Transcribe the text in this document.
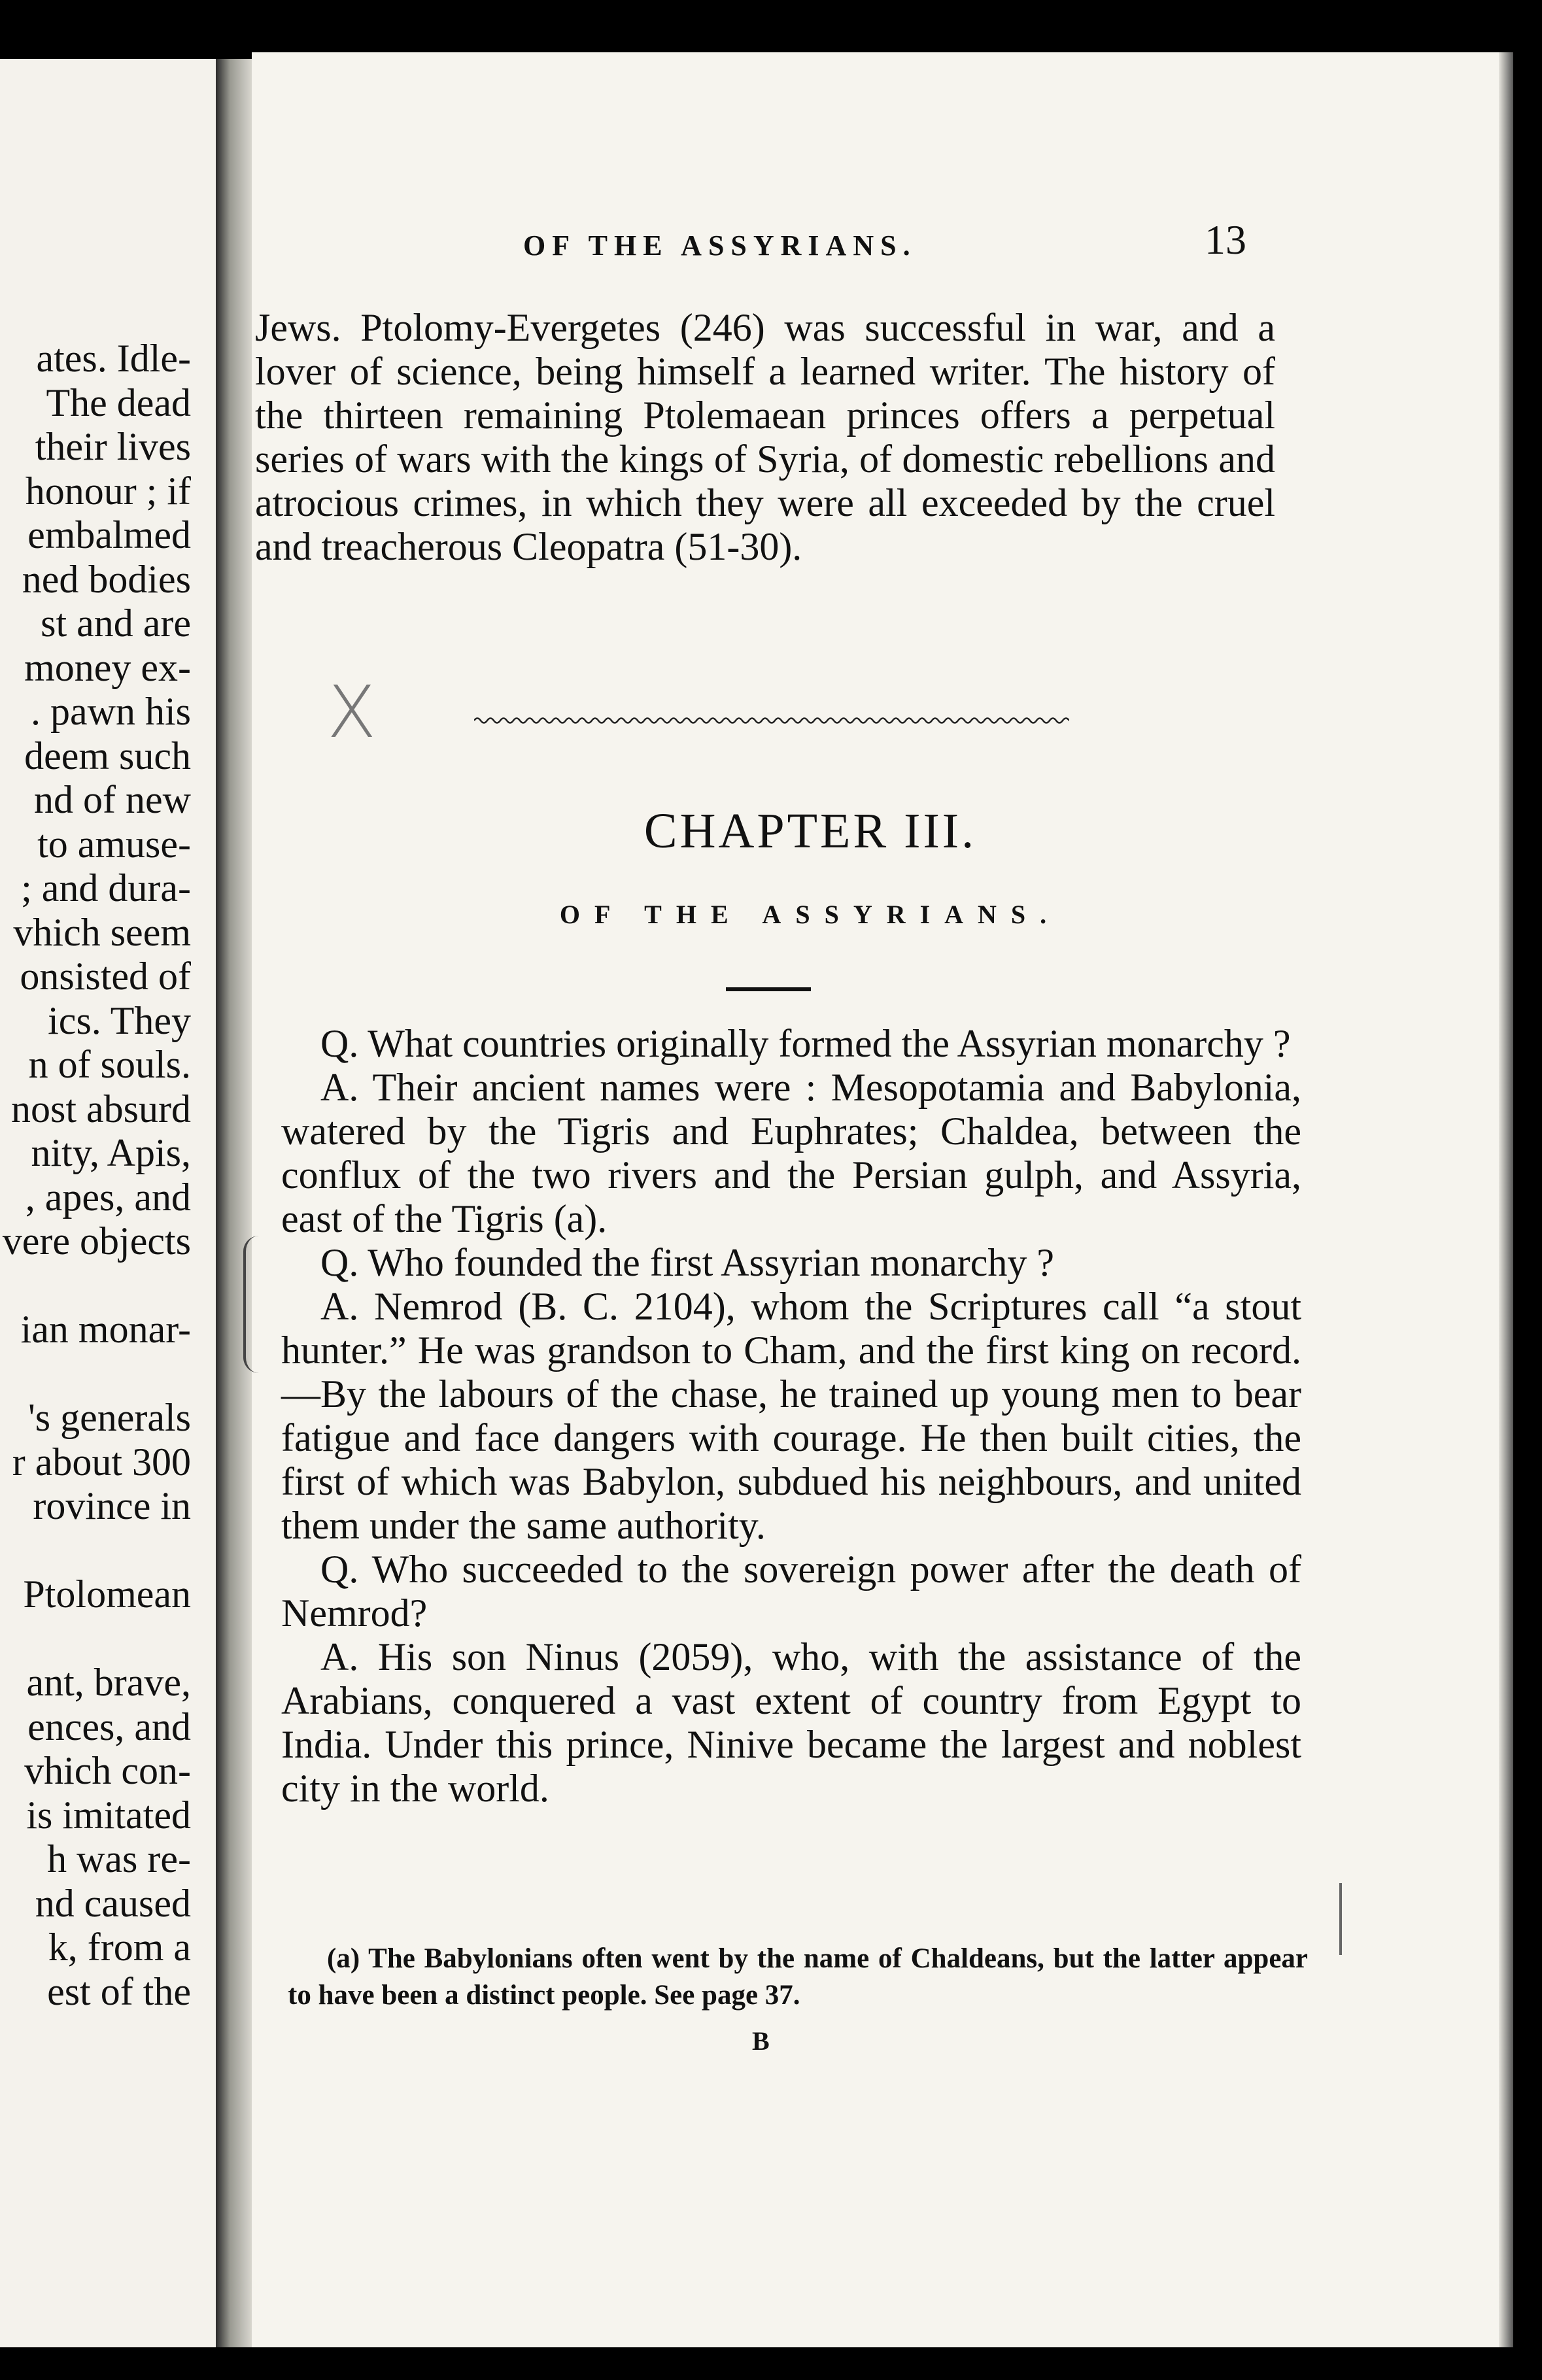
ates. Idle-
The dead
their lives
honour ; if
embalmed
ned bodies
st and are
money ex-
. pawn his
deem such
nd of new
to amuse-
; and dura-
vhich seem
onsisted of
ics. They
n of souls.
nost absurd
nity, Apis,
, apes, and
vere objects
ian monar-
's generals
r about 300
rovince in
Ptolomean
ant, brave,
ences, and
vhich con-
is imitated
h was re-
nd caused
k, from a
est of the
OF THE ASSYRIANS.	13

Jews. Ptolomy-Evergetes (246) was successful in war, and a lover of science, being himself a learned writer. The history of the thirteen remaining Ptolemaean princes offers a perpetual series of wars with the kings of Syria, of domestic rebellions and atrocious crimes, in which they were all exceeded by the cruel and treacherous Cleopatra (51-30).

X
CHAPTER III.
OF THE ASSYRIANS.

Q. What countries originally formed the Assyrian monarchy ?

A. Their ancient names were : Mesopotamia and Babylonia, watered by the Tigris and Euphrates; Chaldea, between the conflux of the two rivers and the Persian gulph, and Assyria, east of the Tigris (a).

Q. Who founded the first Assyrian monarchy ?

A. Nemrod (B. C. 2104), whom the Scriptures call “a stout hunter.” He was grandson to Cham, and the first king on record.—By the labours of the chase, he trained up young men to bear fatigue and face dangers with courage. He then built cities, the first of which was Babylon, subdued his neighbours, and united them under the same authority.

Q. Who succeeded to the sovereign power after the death of Nemrod?

A. His son Ninus (2059), who, with the assistance of the Arabians, conquered a vast extent of country from Egypt to India. Under this prince, Ninive became the largest and noblest city in the world.

(a) The Babylonians often went by the name of Chaldeans, but the latter appear to have been a distinct people. See page 37.

B
